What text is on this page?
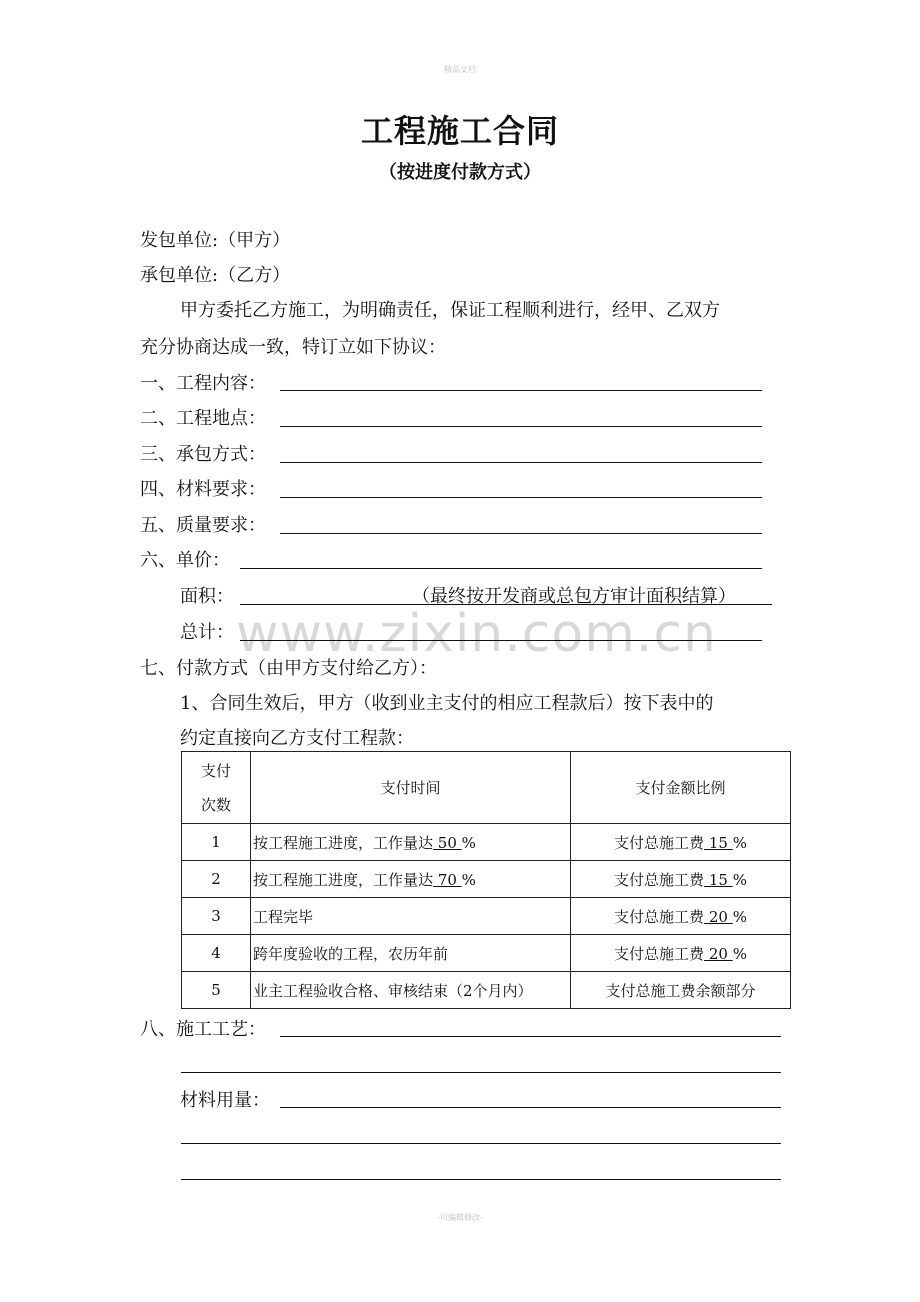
精品文档
工程施工合同
（按进度付款方式）
发包单位:（甲方）
承包单位:（乙方）
甲方委托乙方施工，为明确责任，保证工程顺利进行，经甲、乙双方
充分协商达成一致，特订立如下协议：
一、工程内容：
二、工程地点：
三、承包方式：
四、材料要求：
五、质量要求：
六、单价：
面积：	（最终按开发商或总包方审计面积结算）
www.zixin.com.cn
总计：
七、付款方式（由甲方支付给乙方）：
1、合同生效后，甲方（收到业主支付的相应工程款后）按下表中的
约定直接向乙方支付工程款：
支付次数	支付时间	支付金额比例
1	按工程施工进度，工作量达 50 %	支付总施工费 15 %
2	按工程施工进度，工作量达 70 %	支付总施工费 15 %
3	工程完毕	支付总施工费 20 %
4	跨年度验收的工程，农历年前	支付总施工费 20 %
5	业主工程验收合格、审核结束（2个月内）	支付总施工费余额部分
八、施工工艺：
材料用量：
-可编辑修改-
